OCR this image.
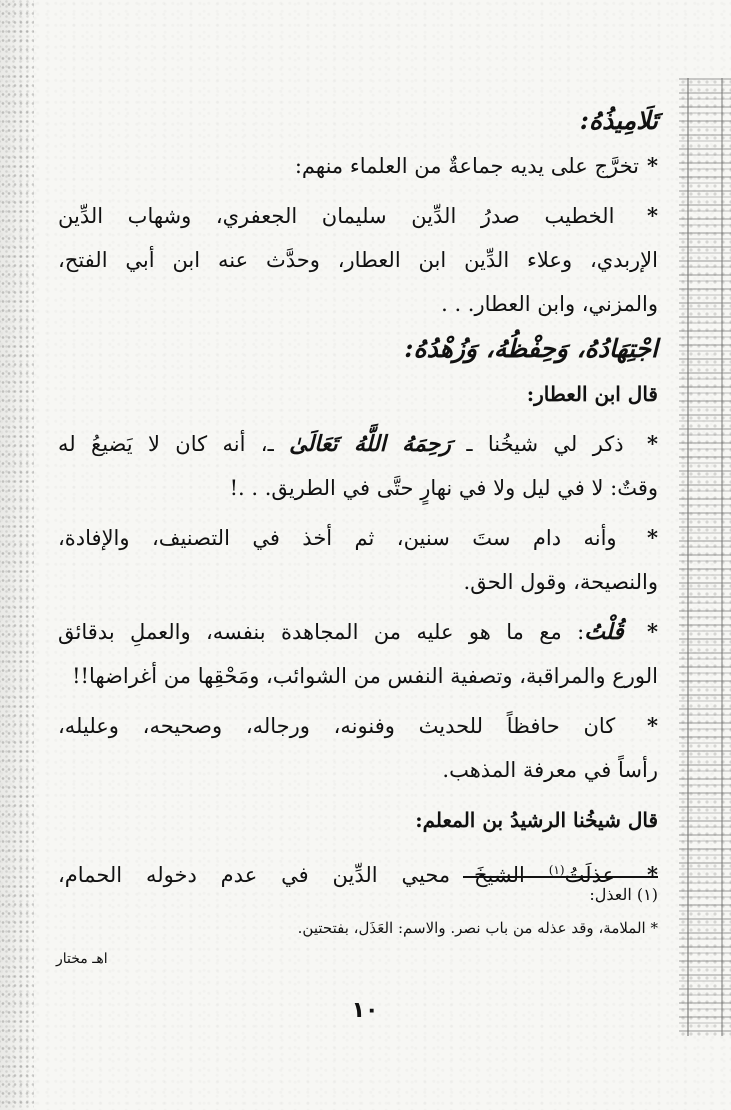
تَلَامِيذُهُ:
*تخرَّج على يديه جماعةٌ من العلماء منهم:
* الخطيب صدرُ الدِّين سليمان الجعفري، وشهاب الدِّين
الإربدي، وعلاء الدِّين ابن العطار، وحدَّث عنه ابن أبي الفتح،
والمزني، وابن العطار. . .
اجْتِهَادُهُ، وَحِفْظُهُ، وَزُهْدُهُ:
قال ابن العطار:
* ذكر لي شيخُنا ـ رَحِمَهُ اللَّهُ تَعَالَىٰ ـ، أنه كان لا يَضيعُ له
وقتٌ: لا في ليل ولا في نهارٍ حتَّى في الطريق. . .!
* وأنه دام ستَ سنين، ثم أخذ في التصنيف، والإفادة،
والنصيحة، وقول الحق.
* قُلْتُ: مع ما هو عليه من المجاهدة بنفسه، والعملِ بدقائق
الورع والمراقبة، وتصفية النفس من الشوائب، ومَحْقِها من أغراضها!!
* كان حافظاً للحديث وفنونه، ورجاله، وصحيحه، وعليله،
رأساً في معرفة المذهب.
قال شيخُنا الرشيدُ بن المعلم:
* عذلَتُ$^{(١)}$ الشيخَ محيي الدِّين في عدم دخوله الحمام،
(١) العذل:
* الملامة، وقد عذله من باب نصر. والاسم: العَذَل، بفتحتين.
اهـ مختار
١٠
